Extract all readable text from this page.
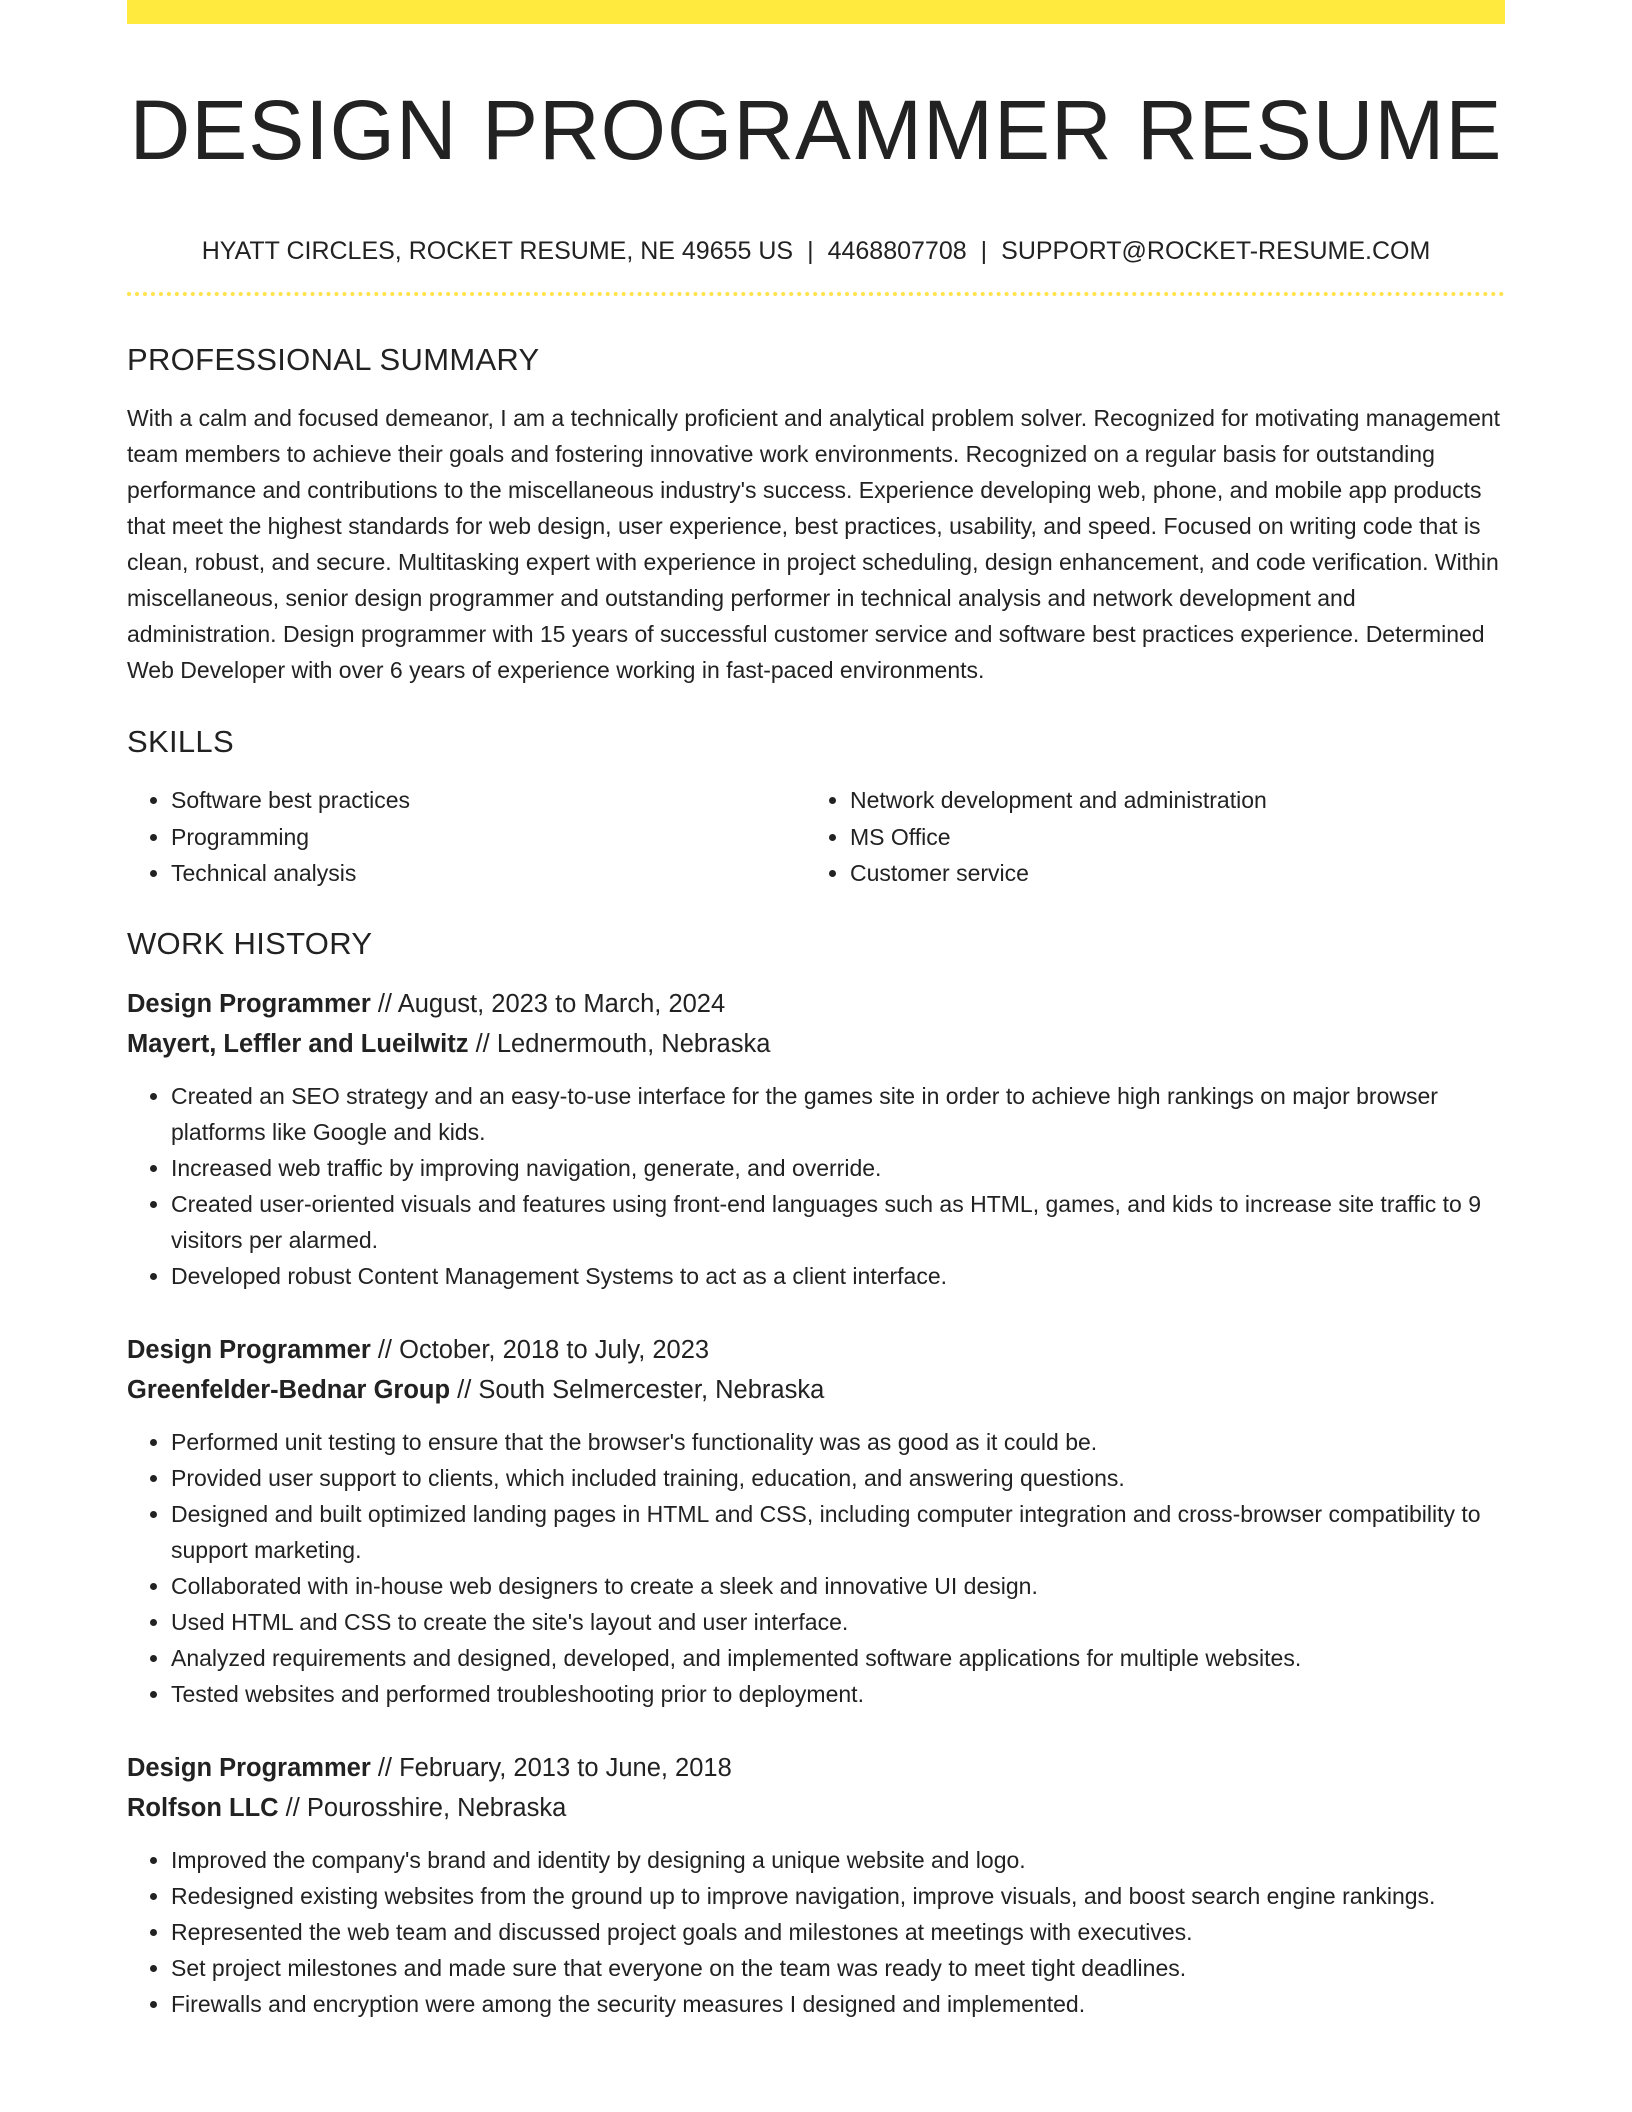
DESIGN PROGRAMMER RESUME
HYATT CIRCLES, ROCKET RESUME, NE 49655 US | 4468807708 | SUPPORT@ROCKET-RESUME.COM
PROFESSIONAL SUMMARY

With a calm and focused demeanor, I am a technically proficient and analytical problem solver. Recognized for motivating management team members to achieve their goals and fostering innovative work environments. Recognized on a regular basis for outstanding performance and contributions to the miscellaneous industry's success. Experience developing web, phone, and mobile app products that meet the highest standards for web design, user experience, best practices, usability, and speed. Focused on writing code that is clean, robust, and secure. Multitasking expert with experience in project scheduling, design enhancement, and code verification. Within miscellaneous, senior design programmer and outstanding performer in technical analysis and network development and administration. Design programmer with 15 years of successful customer service and software best practices experience. Determined Web Developer with over 6 years of experience working in fast-paced environments.

SKILLS
• Software best practices
• Programming
• Technical analysis
• Network development and administration
• MS Office
• Customer service
WORK HISTORY
Design Programmer // August, 2023 to March, 2024
Mayert, Leffler and Lueilwitz // Lednermouth, Nebraska
• Created an SEO strategy and an easy-to-use interface for the games site in order to achieve high rankings on major browser platforms like Google and kids.
• Increased web traffic by improving navigation, generate, and override.
• Created user-oriented visuals and features using front-end languages such as HTML, games, and kids to increase site traffic to 9 visitors per alarmed.
• Developed robust Content Management Systems to act as a client interface.
Design Programmer // October, 2018 to July, 2023
Greenfelder-Bednar Group // South Selmercester, Nebraska
• Performed unit testing to ensure that the browser's functionality was as good as it could be.
• Provided user support to clients, which included training, education, and answering questions.
• Designed and built optimized landing pages in HTML and CSS, including computer integration and cross-browser compatibility to support marketing.
• Collaborated with in-house web designers to create a sleek and innovative UI design.
• Used HTML and CSS to create the site's layout and user interface.
• Analyzed requirements and designed, developed, and implemented software applications for multiple websites.
• Tested websites and performed troubleshooting prior to deployment.
Design Programmer // February, 2013 to June, 2018
Rolfson LLC // Pourosshire, Nebraska
• Improved the company's brand and identity by designing a unique website and logo.
• Redesigned existing websites from the ground up to improve navigation, improve visuals, and boost search engine rankings.
• Represented the web team and discussed project goals and milestones at meetings with executives.
• Set project milestones and made sure that everyone on the team was ready to meet tight deadlines.
• Firewalls and encryption were among the security measures I designed and implemented.
